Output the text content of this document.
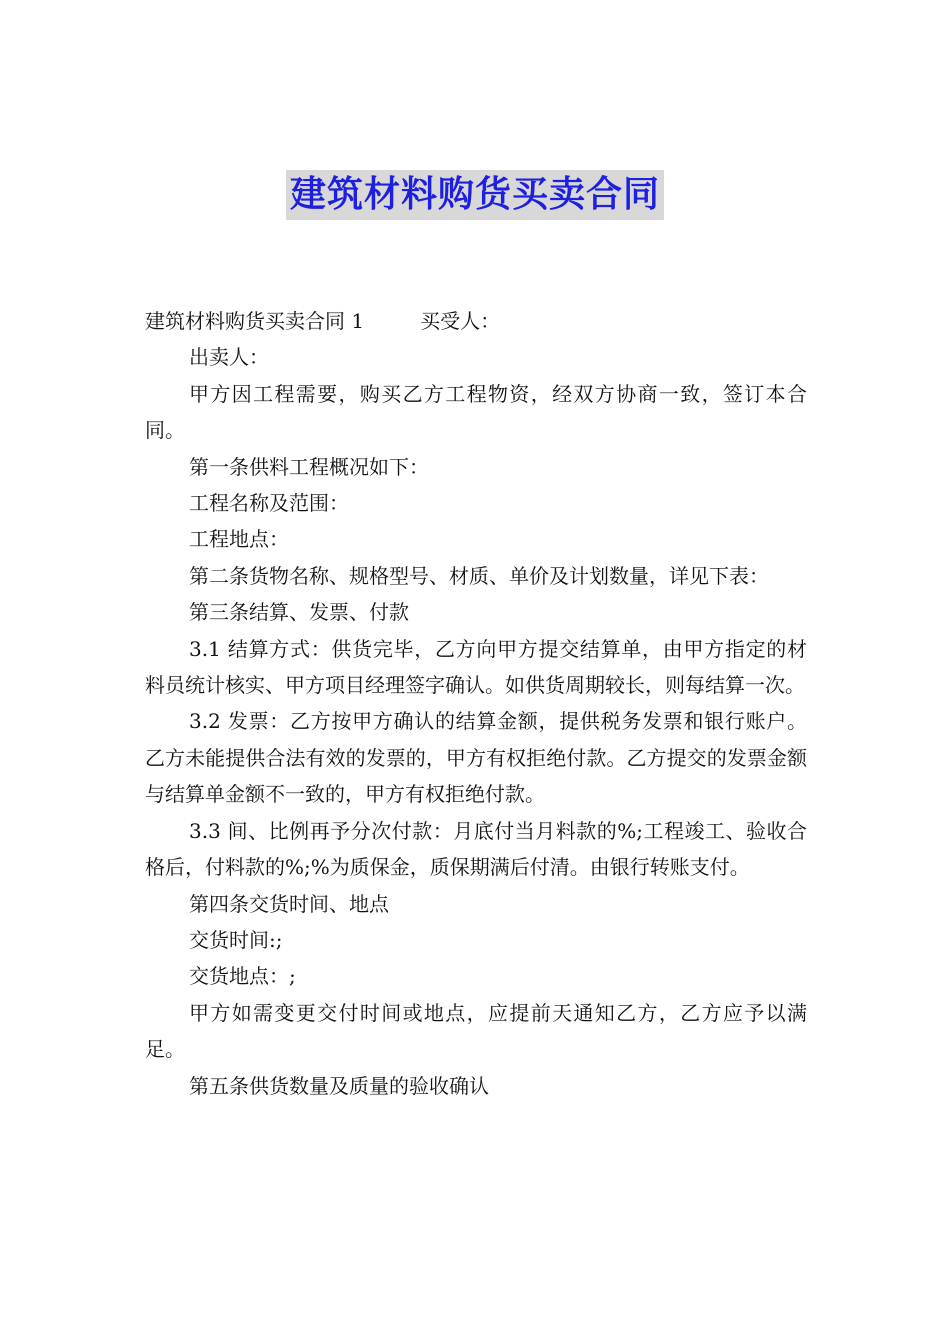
建筑材料购货买卖合同

建筑材料购货买卖合同 1	买受人：

出卖人：

甲方因工程需要，购买乙方工程物资，经双方协商一致，签订本合同。

第一条供料工程概况如下：

工程名称及范围：

工程地点：

第二条货物名称、规格型号、材质、单价及计划数量，详见下表：

第三条结算、发票、付款

3.1 结算方式：供货完毕，乙方向甲方提交结算单，由甲方指定的材料员统计核实、甲方项目经理签字确认。如供货周期较长，则每结算一次。

3.2 发票：乙方按甲方确认的结算金额，提供税务发票和银行账户。乙方未能提供合法有效的发票的，甲方有权拒绝付款。乙方提交的发票金额与结算单金额不一致的，甲方有权拒绝付款。

3.3 间、比例再予分次付款：月底付当月料款的%;工程竣工、验收合格后，付料款的%;%为质保金，质保期满后付清。由银行转账支付。

第四条交货时间、地点

交货时间:;

交货地点：;

甲方如需变更交付时间或地点，应提前天通知乙方，乙方应予以满足。

第五条供货数量及质量的验收确认
